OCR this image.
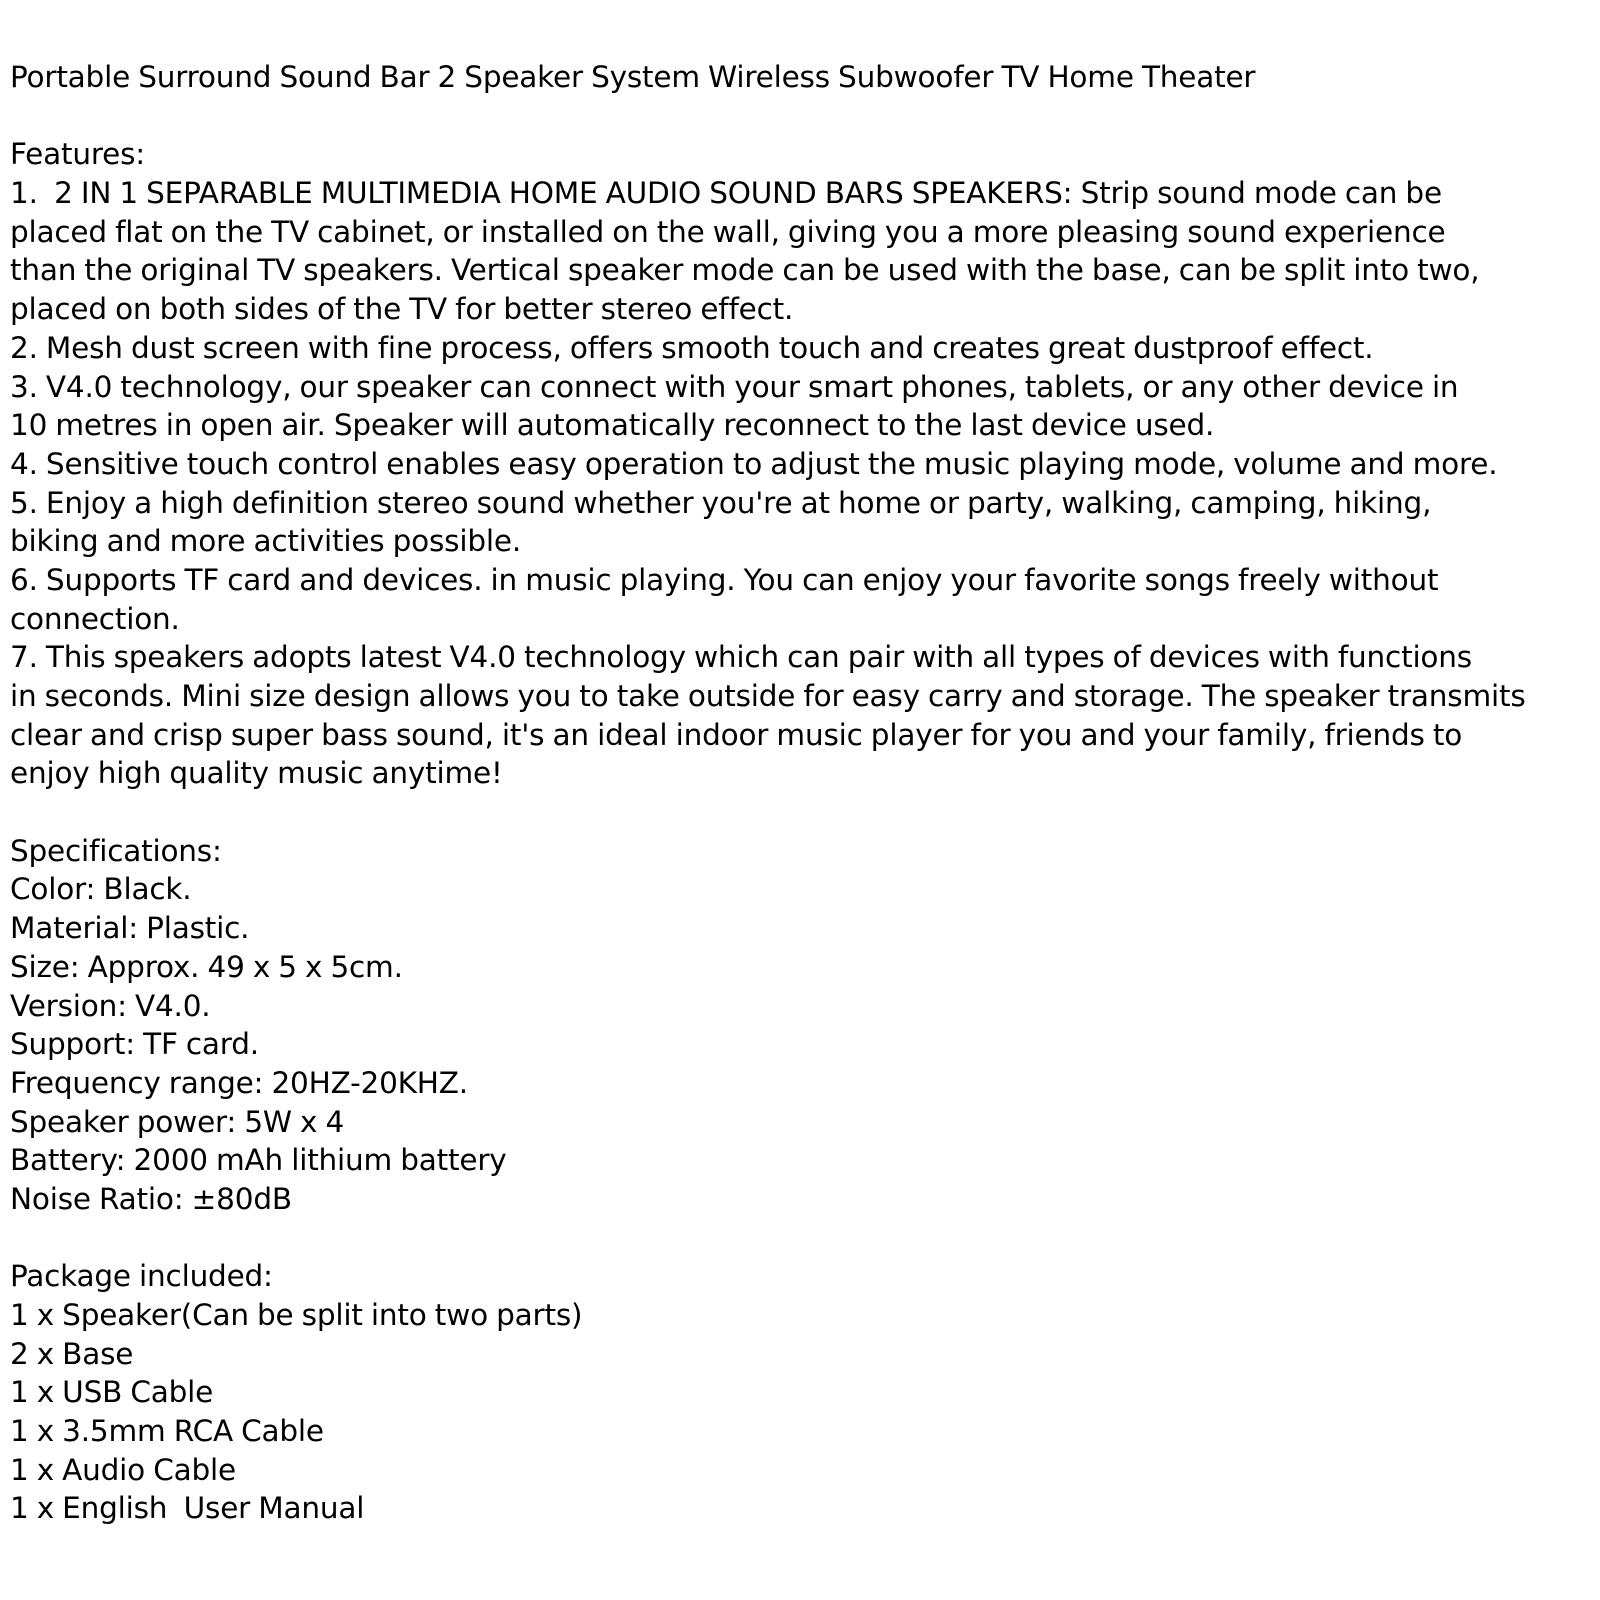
Portable Surround Sound Bar 2 Speaker System Wireless Subwoofer TV Home Theater
Features:
1.  2 IN 1 SEPARABLE MULTIMEDIA HOME AUDIO SOUND BARS SPEAKERS: Strip sound mode can be
placed flat on the TV cabinet, or installed on the wall, giving you a more pleasing sound experience
than the original TV speakers. Vertical speaker mode can be used with the base, can be split into two,
placed on both sides of the TV for better stereo effect.
2. Mesh dust screen with fine process, offers smooth touch and creates great dustproof effect.
3. V4.0 technology, our speaker can connect with your smart phones, tablets, or any other device in
10 metres in open air. Speaker will automatically reconnect to the last device used.
4. Sensitive touch control enables easy operation to adjust the music playing mode, volume and more.
5. Enjoy a high definition stereo sound whether you're at home or party, walking, camping, hiking,
biking and more activities possible.
6. Supports TF card and devices. in music playing. You can enjoy your favorite songs freely without
connection.
7. This speakers adopts latest V4.0 technology which can pair with all types of devices with functions
in seconds. Mini size design allows you to take outside for easy carry and storage. The speaker transmits
clear and crisp super bass sound, it's an ideal indoor music player for you and your family, friends to
enjoy high quality music anytime!
Specifications:
Color: Black.
Material: Plastic.
Size: Approx. 49 x 5 x 5cm.
Version: V4.0.
Support: TF card.
Frequency range: 20HZ-20KHZ.
Speaker power: 5W x 4
Battery: 2000 mAh lithium battery
Noise Ratio: ±80dB
Package included:
1 x Speaker(Can be split into two parts)
2 x Base
1 x USB Cable
1 x 3.5mm RCA Cable
1 x Audio Cable
1 x English  User Manual
